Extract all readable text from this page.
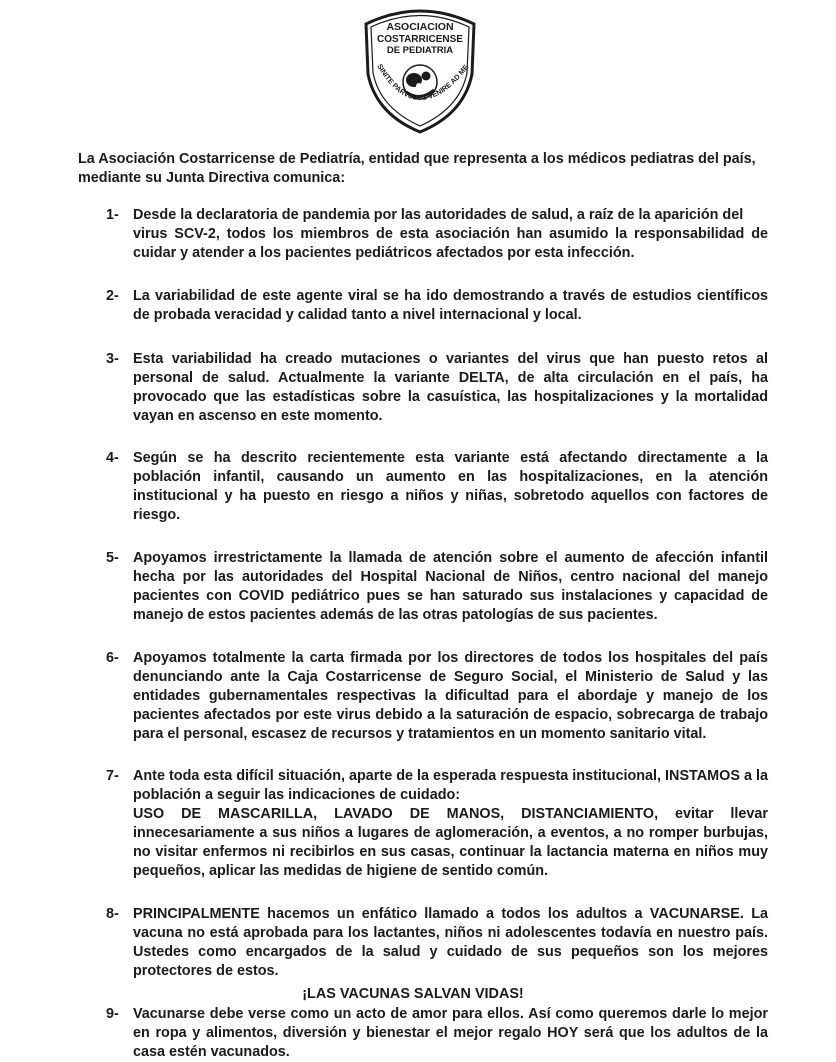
ASOCIACION
COSTARRICENSE
DE PEDIATRIA
SINITE PARVULOS VENIRE AD ME
La Asociación Costarricense de Pediatría, entidad que representa a los médicos pediatras del país, mediante su Junta Directiva comunica:
1- Desde la declaratoria de pandemia por las autoridades de salud, a raíz de la aparición del
virus SCV-2, todos los miembros de esta asociación han asumido la responsabilidad de cuidar y atender a los pacientes pediátricos afectados por esta infección.
2- La variabilidad de este agente viral se ha ido demostrando a través de estudios científicos de probada veracidad y calidad tanto a nivel internacional y local.
3- Esta variabilidad ha creado mutaciones o variantes del virus que han puesto retos al personal de salud. Actualmente la variante DELTA, de alta circulación en el país, ha provocado que las estadísticas sobre la casuística, las hospitalizaciones y la mortalidad vayan en ascenso en este momento.
4- Según se ha descrito recientemente esta variante está afectando directamente a la población infantil, causando un aumento en las hospitalizaciones, en la atención institucional y ha puesto en riesgo a niños y niñas, sobretodo aquellos con factores de riesgo.
5- Apoyamos irrestrictamente la llamada de atención sobre el aumento de afección infantil hecha por las autoridades del Hospital Nacional de Niños, centro nacional del manejo pacientes con COVID pediátrico pues se han saturado sus instalaciones y capacidad de manejo de estos pacientes además de las otras patologías de sus pacientes.
6- Apoyamos totalmente la carta firmada por los directores de todos los hospitales del país denunciando ante la Caja Costarricense de Seguro Social, el Ministerio de Salud y las entidades gubernamentales respectivas la dificultad para el abordaje y manejo de los pacientes afectados por este virus debido a la saturación de espacio, sobrecarga de trabajo para el personal, escasez de recursos y tratamientos en un momento sanitario vital.
7- Ante toda esta difícil situación, aparte de la esperada respuesta institucional, INSTAMOS a la población a seguir las indicaciones de cuidado:
USO DE MASCARILLA, LAVADO DE MANOS, DISTANCIAMIENTO, evitar llevar innecesariamente a sus niños a lugares de aglomeración, a eventos, a no romper burbujas, no visitar enfermos ni recibirlos en sus casas, continuar la lactancia materna en niños muy pequeños, aplicar las medidas de higiene de sentido común.
8- PRINCIPALMENTE hacemos un enfático llamado a todos los adultos a VACUNARSE. La vacuna no está aprobada para los lactantes, niños ni adolescentes todavía en nuestro país. Ustedes como encargados de la salud y cuidado de sus pequeños son los mejores protectores de estos.
9- Vacunarse debe verse como un acto de amor para ellos. Así como queremos darle lo mejor en ropa y alimentos, diversión y bienestar el mejor regalo HOY será que los adultos de la casa estén vacunados.
¡LAS VACUNAS SALVAN VIDAS!
